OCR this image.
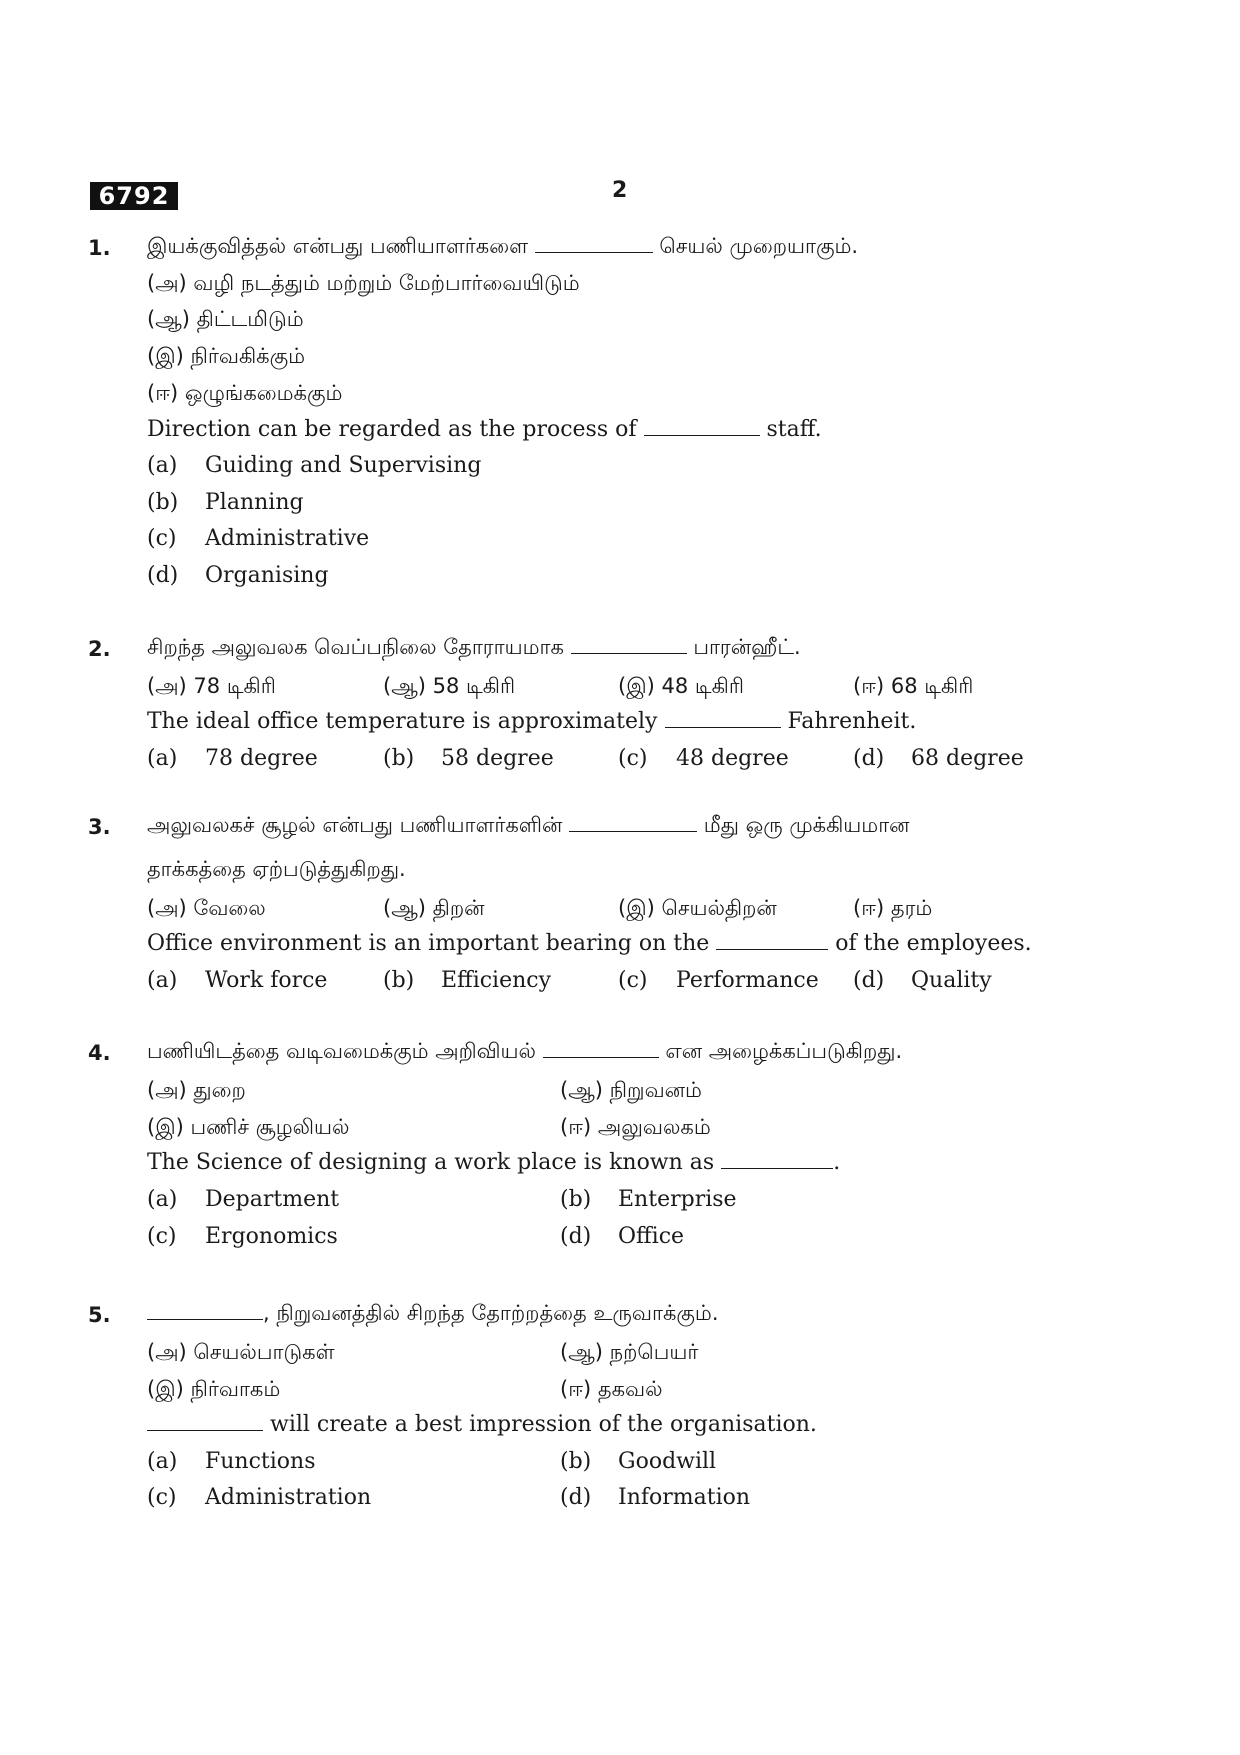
6792	2
1. இயக்குவித்தல் என்பது பணியாளர்களை	செயல் முறையாகும்.
(அ) வழி நடத்தும் மற்றும் மேற்பார்வையிடும்
(ஆ) திட்டமிடும்
(இ) நிர்வகிக்கும்
(ஈ) ஒழுங்கமைக்கும்
Direction can be regarded as the process of	staff.
(a) Guiding and Supervising
(b) Planning
(c) Administrative
(d) Organising
2. சிறந்த அலுவலக வெப்பநிலை தோராயமாக	பாரன்ஹீட்.
(அ) 78 டிகிரி	(ஆ) 58 டிகிரி	(இ) 48 டிகிரி	(ஈ) 68 டிகிரி
The ideal office temperature is approximately	Fahrenheit.
(a) 78 degree	(b) 58 degree	(c) 48 degree	(d) 68 degree
3. அலுவலகச் சூழல் என்பது பணியாளர்களின்	மீது ஒரு முக்கியமான
தாக்கத்தை ஏற்படுத்துகிறது.
(அ) வேலை	(ஆ) திறன்	(இ) செயல்திறன்	(ஈ) தரம்
Office environment is an important bearing on the	of the employees.
(a) Work force	(b) Efficiency	(c) Performance (d) Quality
4. பணியிடத்தை வடிவமைக்கும் அறிவியல்	என அழைக்கப்படுகிறது.
(அ) துறை	(ஆ) நிறுவனம்
(இ) பணிச் சூழலியல்	(ஈ) அலுவலகம்
The Science of designing a work place is known as	.
(a) Department	(b) Enterprise
(c) Ergonomics	(d) Office
5.	, நிறுவனத்தில் சிறந்த தோற்றத்தை உருவாக்கும்.
(அ) செயல்பாடுகள்	(ஆ) நற்பெயர்
(இ) நிர்வாகம்	(ஈ) தகவல்
will create a best impression of the organisation.
(a) Functions	(b) Goodwill
(c) Administration	(d) Information
